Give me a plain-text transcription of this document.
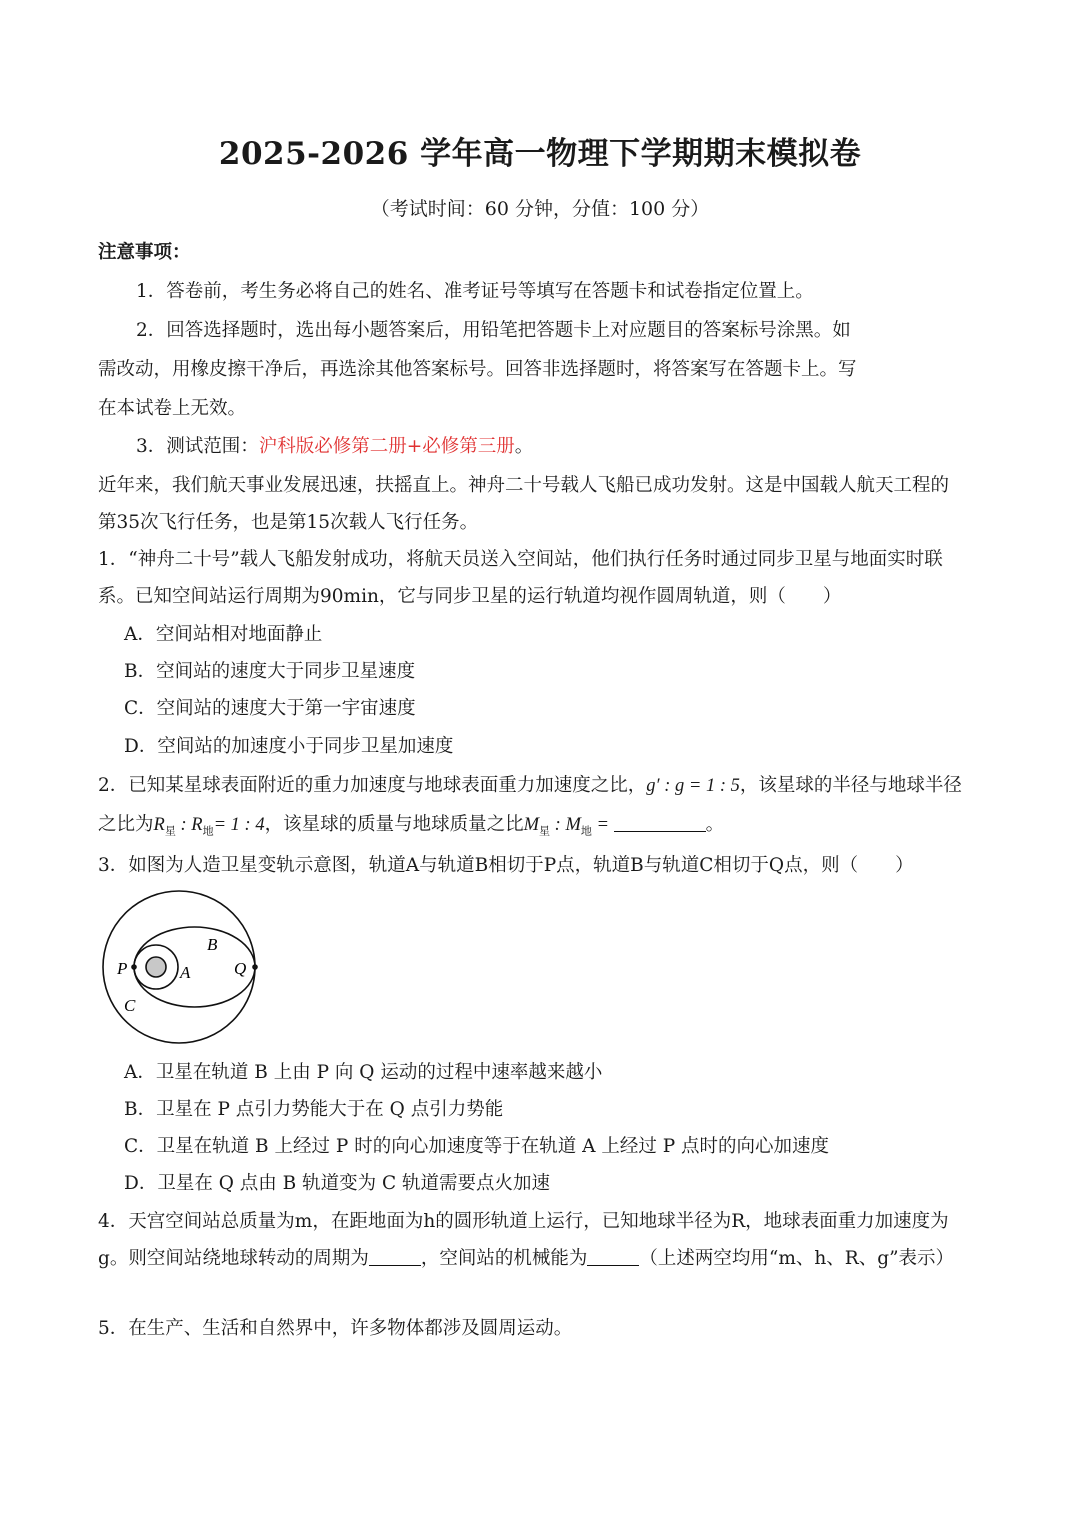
2025-2026 学年高一物理下学期期末模拟卷
（考试时间：60 分钟，分值：100 分）
注意事项：
1．答卷前，考生务必将自己的姓名、准考证号等填写在答题卡和试卷指定位置上。
2．回答选择题时，选出每小题答案后，用铅笔把答题卡上对应题目的答案标号涂黑。如
需改动，用橡皮擦干净后，再选涂其他答案标号。回答非选择题时，将答案写在答题卡上。写
在本试卷上无效。
3．测试范围：沪科版必修第二册+必修第三册。
近年来，我们航天事业发展迅速，扶摇直上。神舟二十号载人飞船已成功发射。这是中国载人航天工程的
第35次飞行任务，也是第15次载人飞行任务。
1．“神舟二十号”载人飞船发射成功，将航天员送入空间站，他们执行任务时通过同步卫星与地面实时联
系。已知空间站运行周期为90min，它与同步卫星的运行轨道均视作圆周轨道，则（　　）
A．空间站相对地面静止
B．空间站的速度大于同步卫星速度
C．空间站的速度大于第一宇宙速度
D．空间站的加速度小于同步卫星加速度
2．已知某星球表面附近的重力加速度与地球表面重力加速度之比，g′ : g = 1 : 5，该星球的半径与地球半径
之比为$R_星$ : $R_地= 1$ : 4，该星球的质量与地球质量之比$M_星$ : $M_地$ =	。
3．如图为人造卫星变轨示意图，轨道A与轨道B相切于P点，轨道B与轨道C相切于Q点，则（　　）
P	Q
A
B
C
A．卫星在轨道 B 上由 P 向 Q 运动的过程中速率越来越小
B．卫星在 P 点引力势能大于在 Q 点引力势能
C．卫星在轨道 B 上经过 P 时的向心加速度等于在轨道 A 上经过 P 点时的向心加速度
D．卫星在 Q 点由 B 轨道变为 C 轨道需要点火加速
4．天宫空间站总质量为m，在距地面为h的圆形轨道上运行，已知地球半径为R，地球表面重力加速度为
g。则空间站绕地球转动的周期为	，空间站的机械能为	（上述两空均用“m、h、R、g”表示）
5．在生产、生活和自然界中，许多物体都涉及圆周运动。
